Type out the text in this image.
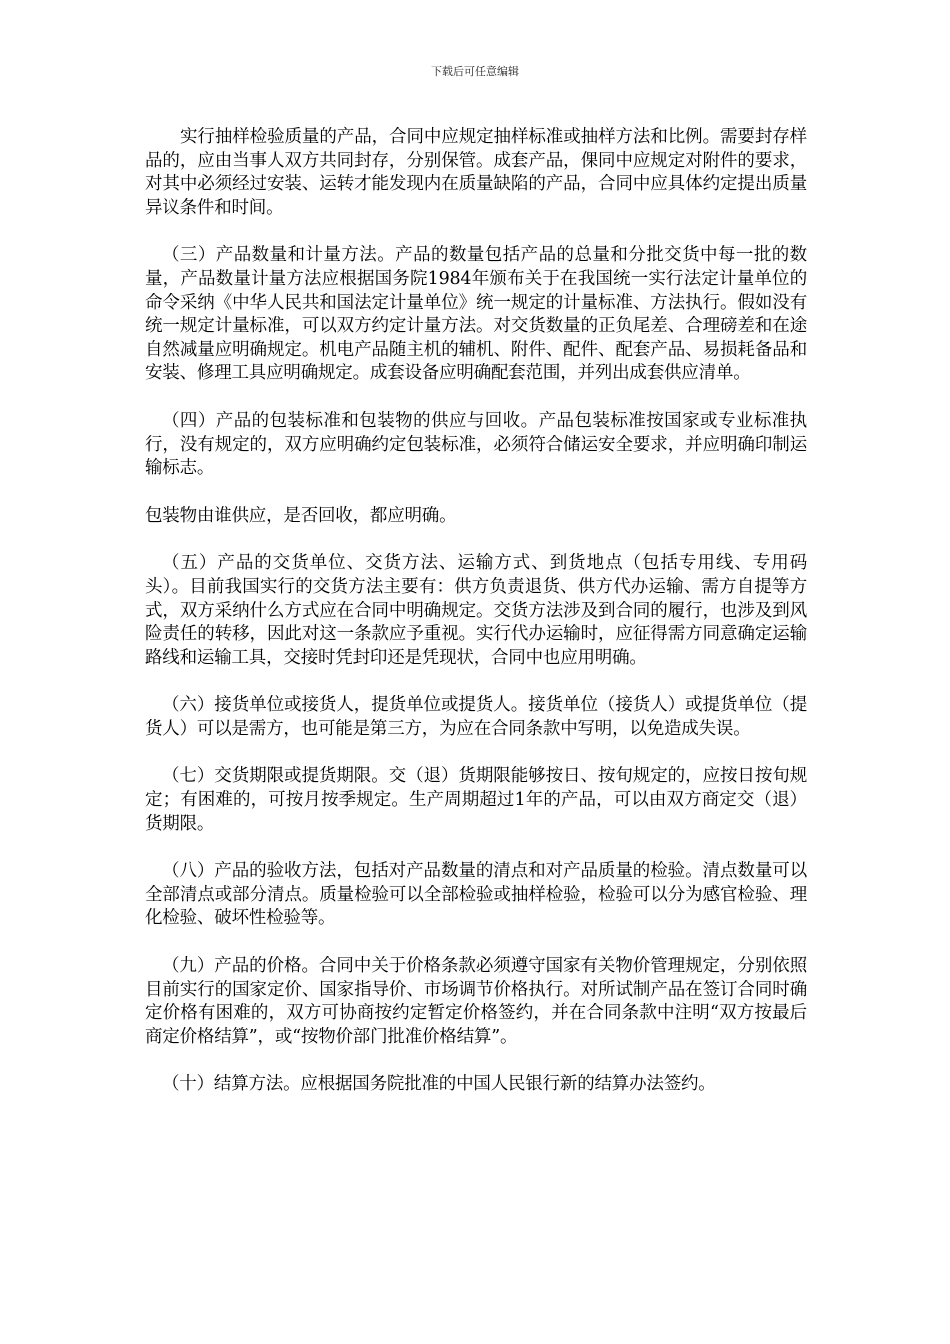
下载后可任意编辑

实行抽样检验质量的产品，合同中应规定抽样标准或抽样方法和比例。需要封存样品的，应由当事人双方共同封存，分别保管。成套产品，倮同中应规定对附件的要求，对其中必须经过安装、运转才能发现内在质量缺陷的产品，合同中应具体约定提出质量异议条件和时间。

（三）产品数量和计量方法。产品的数量包括产品的总量和分批交货中每一批的数量，产品数量计量方法应根据国务院1984年颁布关于在我国统一实行法定计量单位的命令采纳《中华人民共和国法定计量单位》统一规定的计量标准、方法执行。假如没有统一规定计量标准，可以双方约定计量方法。对交货数量的正负尾差、合理磅差和在途自然减量应明确规定。机电产品随主机的辅机、附件、配件、配套产品、易损耗备品和安装、修理工具应明确规定。成套设备应明确配套范围，并列出成套供应清单。

（四）产品的包装标准和包装物的供应与回收。产品包装标准按国家或专业标准执行，没有规定的，双方应明确约定包装标准，必须符合储运安全要求，并应明确印制运输标志。

包装物由谁供应，是否回收，都应明确。

（五）产品的交货单位、交货方法、运输方式、到货地点（包括专用线、专用码头）。目前我国实行的交货方法主要有：供方负责退货、供方代办运输、需方自提等方式，双方采纳什么方式应在合同中明确规定。交货方法涉及到合同的履行，也涉及到风险责任的转移，因此对这一条款应予重视。实行代办运输时，应征得需方同意确定运输路线和运输工具，交接时凭封印还是凭现状，合同中也应用明确。

（六）接货单位或接货人，提货单位或提货人。接货单位（接货人）或提货单位（提货人）可以是需方，也可能是第三方，为应在合同条款中写明，以免造成失误。

（七）交货期限或提货期限。交（退）货期限能够按日、按旬规定的，应按日按旬规定；有困难的，可按月按季规定。生产周期超过1年的产品，可以由双方商定交（退）货期限。

（八）产品的验收方法，包括对产品数量的清点和对产品质量的检验。清点数量可以全部清点或部分清点。质量检验可以全部检验或抽样检验，检验可以分为感官检验、理化检验、破坏性检验等。

（九）产品的价格。合同中关于价格条款必须遵守国家有关物价管理规定，分别依照目前实行的国家定价、国家指导价、市场调节价格执行。对所试制产品在签订合同时确定价格有困难的，双方可协商按约定暂定价格签约，并在合同条款中注明“双方按最后商定价格结算”，或“按物价部门批准价格结算”。

（十）结算方法。应根据国务院批准的中国人民银行新的结算办法签约。
